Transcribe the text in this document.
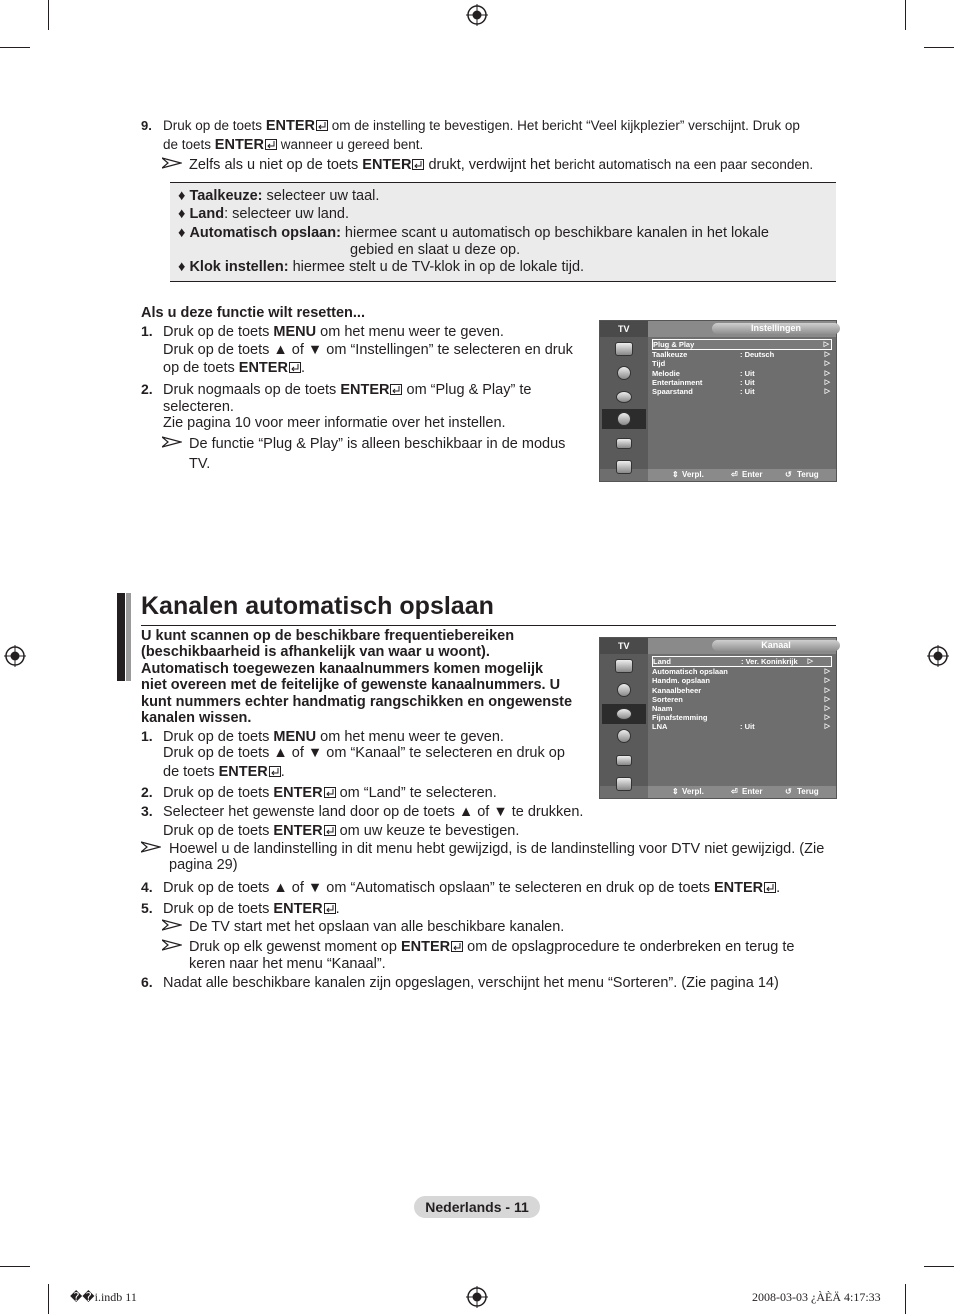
9. Druk op de toets ENTER om de instelling te bevestigen. Het bericht “Veel kijkplezier” verschijnt. Druk op
de toets ENTER wanneer u gereed bent.
Zelfs als u niet op de toets ENTER drukt, verdwijnt het bericht automatisch na een paar seconden.
♦ Taalkeuze: selecteer uw taal.
♦ Land: selecteer uw land.
♦ Automatisch opslaan: hiermee scant u automatisch op beschikbare kanalen in het lokale
gebied en slaat u deze op.
♦ Klok instellen: hiermee stelt u de TV-klok in op de lokale tijd.
Als u deze functie wilt resetten...
1. Druk op de toets MENU om het menu weer te geven.
Druk op de toets ▲ of ▼ om “Instellingen” te selecteren en druk
op de toets ENTER .
2. Druk nogmaals op de toets ENTER om “Plug & Play” te
selecteren.
Zie pagina 10 voor meer informatie over het instellen.
De functie “Plug & Play” is alleen beschikbaar in de modus
TV.
TV	Instellingen
Plug & Play	▷
Taalkeuze	: Deutsch	▷
Tijd	▷
Melodie	: Uit	▷
Entertainment	: Uit	▷
Spaarstand	: Uit	▷
⇕ Verpl.	⏎ Enter	↺ Terug
Kanalen automatisch opslaan
U kunt scannen op de beschikbare frequentiebereiken
(beschikbaarheid is afhankelijk van waar u woont).
Automatisch toegewezen kanaalnummers komen mogelijk
niet overeen met de feitelijke of gewenste kanaalnummers. U
kunt nummers echter handmatig rangschikken en ongewenste
kanalen wissen.
1. Druk op de toets MENU om het menu weer te geven.
Druk op de toets ▲ of ▼ om “Kanaal” te selecteren en druk op
de toets ENTER .
2. Druk op de toets ENTER om “Land” te selecteren.
3. Selecteer het gewenste land door op de toets ▲ of ▼ te drukken.
Druk op de toets ENTER om uw keuze te bevestigen.
Hoewel u de landinstelling in dit menu hebt gewijzigd, is de landinstelling voor DTV niet gewijzigd. (Zie
pagina 29)
4. Druk op de toets ▲ of ▼ om “Automatisch opslaan” te selecteren en druk op de toets ENTER .
5. Druk op de toets ENTER .
De TV start met het opslaan van alle beschikbare kanalen.
Druk op elk gewenst moment op ENTER om de opslagprocedure te onderbreken en terug te
keren naar het menu “Kanaal”.
6. Nadat alle beschikbare kanalen zijn opgeslagen, verschijnt het menu “Sorteren”. (Zie pagina 14)
TV	Kanaal
Land	: Ver. Koninkrijk ▷
Automatisch opslaan	▷
Handm. opslaan	▷
Kanaalbeheer	▷
Sorteren	▷
Naam	▷
Fijnafstemming	▷
LNA	: Uit	▷
⇕ Verpl.	⏎ Enter	↺ Terug
Nederlands - 11
��i.indb 11	2008-03-03 ¿ÀÈÄ 4:17:33
